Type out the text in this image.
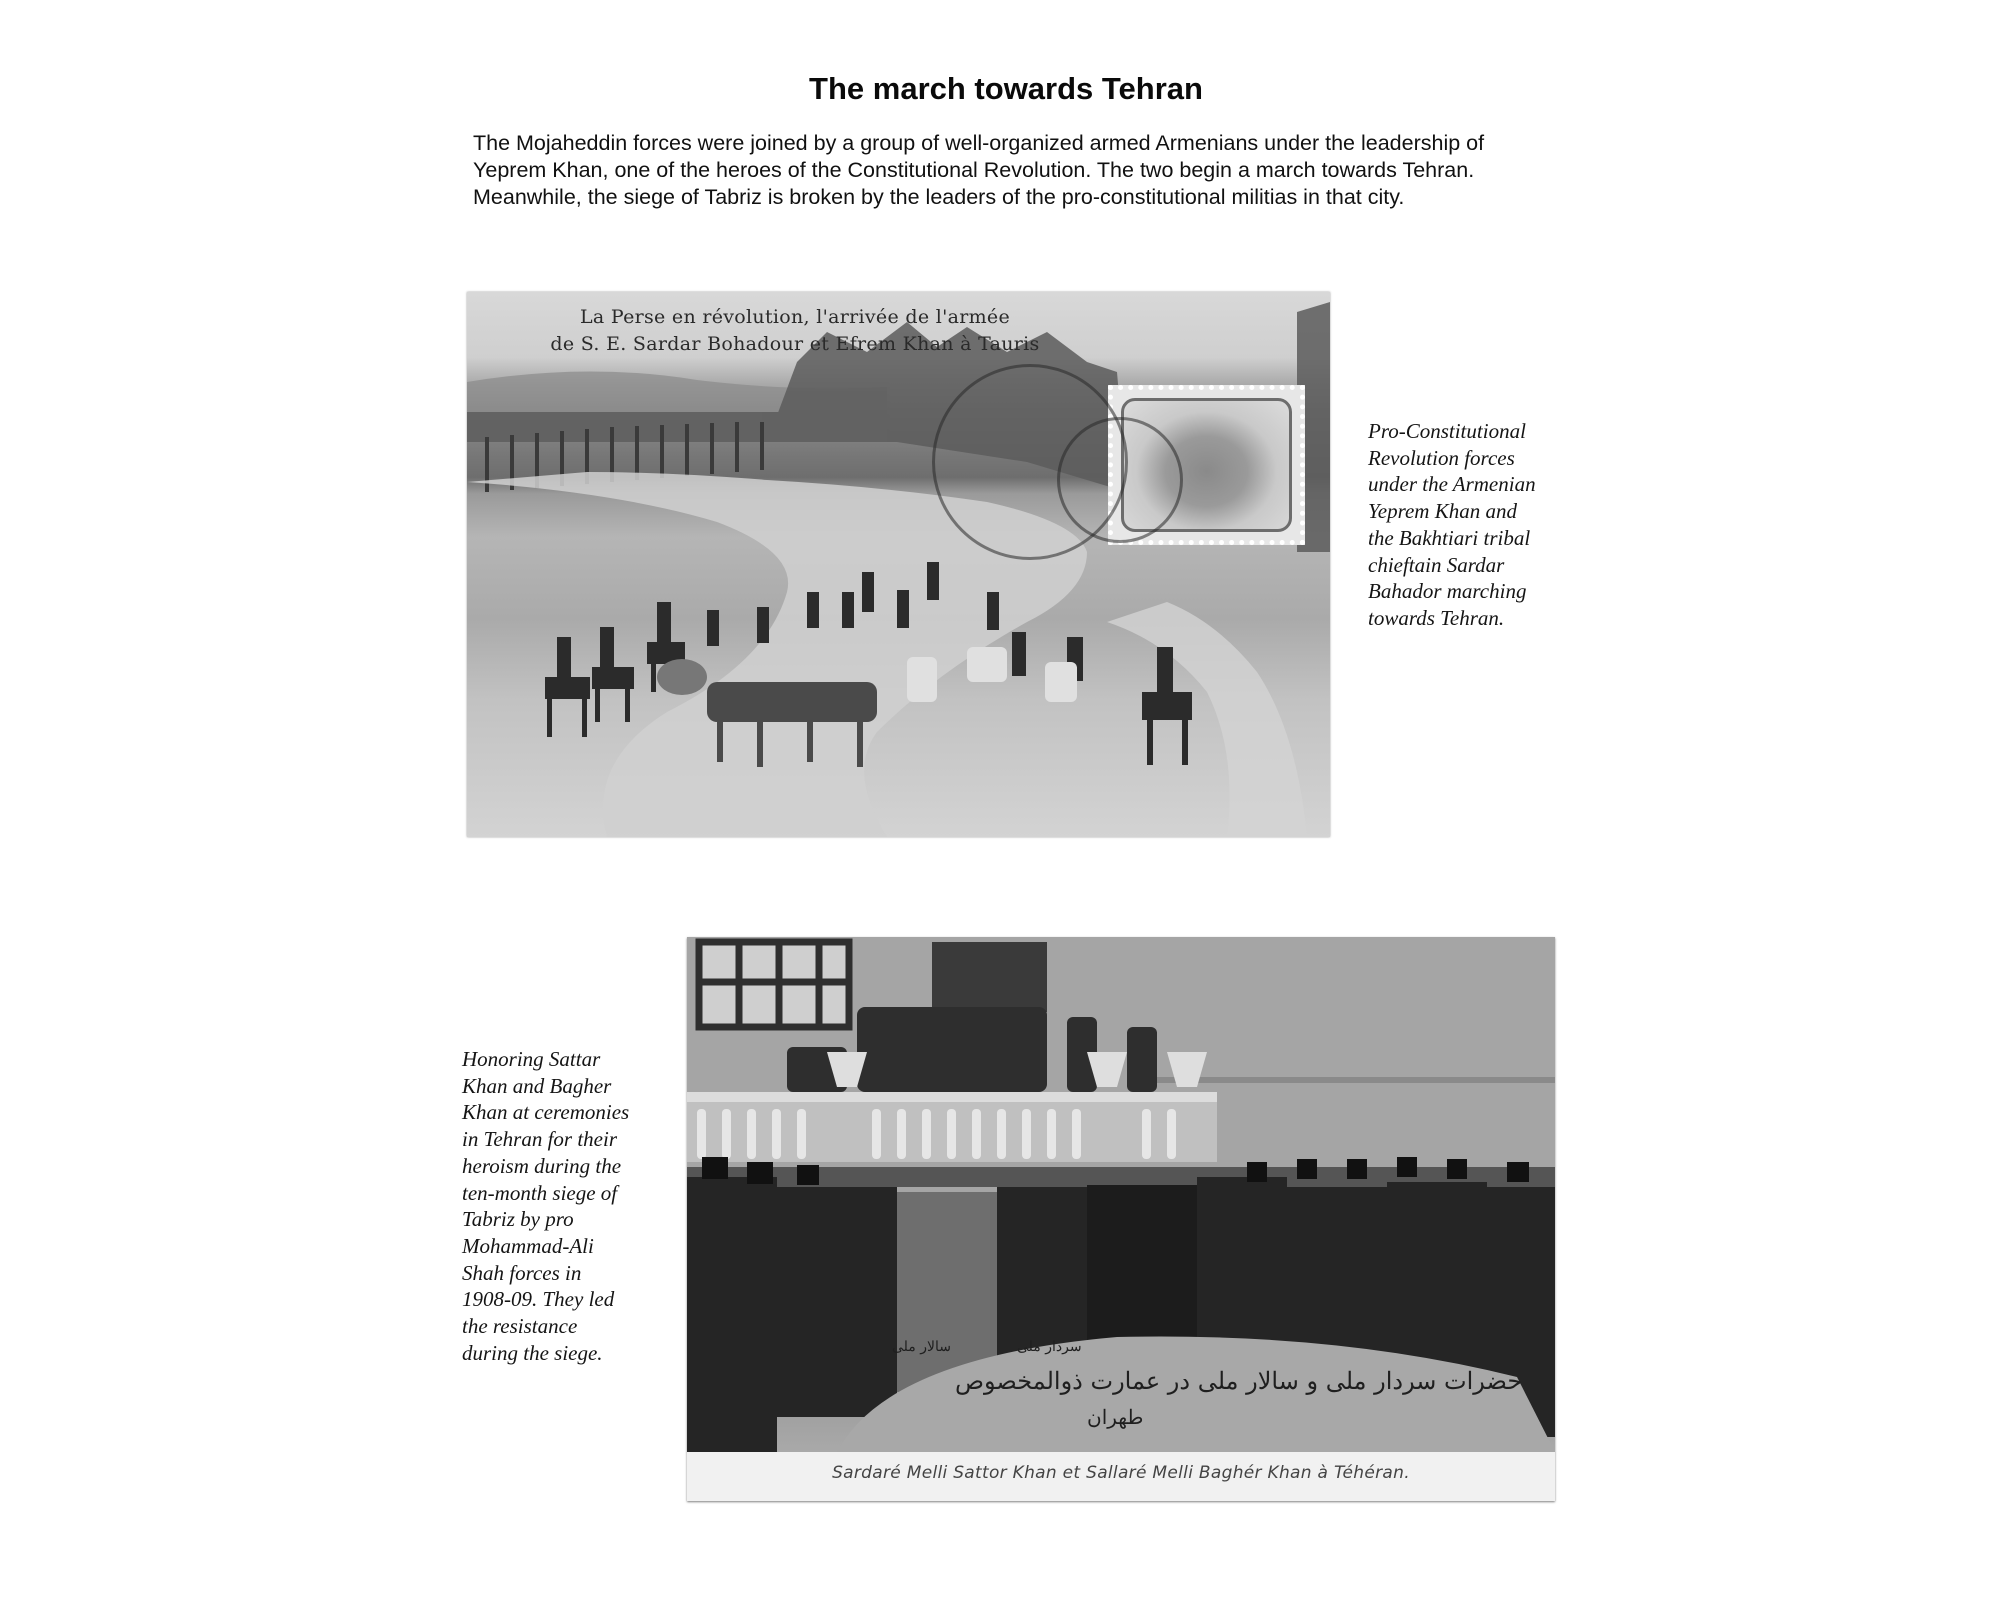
The march towards Tehran

The Mojaheddin forces were joined by a group of well-organized armed Armenians under the leadership of

Yeprem Khan, one of the heroes of the Constitutional Revolution. The two begin a march towards Tehran.

Meanwhile, the siege of Tabriz is broken by the leaders of the pro-constitutional militias in that city.

La Perse en révolution, l'arrivée de l'armée
de S. E. Sardar Bohadour et Efrem Khan à Tauris

Pro-Constitutional

Revolution forces

under the Armenian

Yeprem Khan and

the Bakhtiari tribal

chieftain Sardar

Bahador marching

towards Tehran.

سردار ملی
سالار ملی
حضرات سردار ملی و سالار ملی در عمارت ذوالمخصوص
طهران
Sardaré Melli Sattor Khan et Sallaré Melli Baghér Khan à Téhéran.

Honoring Sattar

Khan and Bagher

Khan at ceremonies

in Tehran for their

heroism during the

ten-month siege of

Tabriz by pro

Mohammad-Ali

Shah forces in

1908-09. They led

the resistance

during the siege.
